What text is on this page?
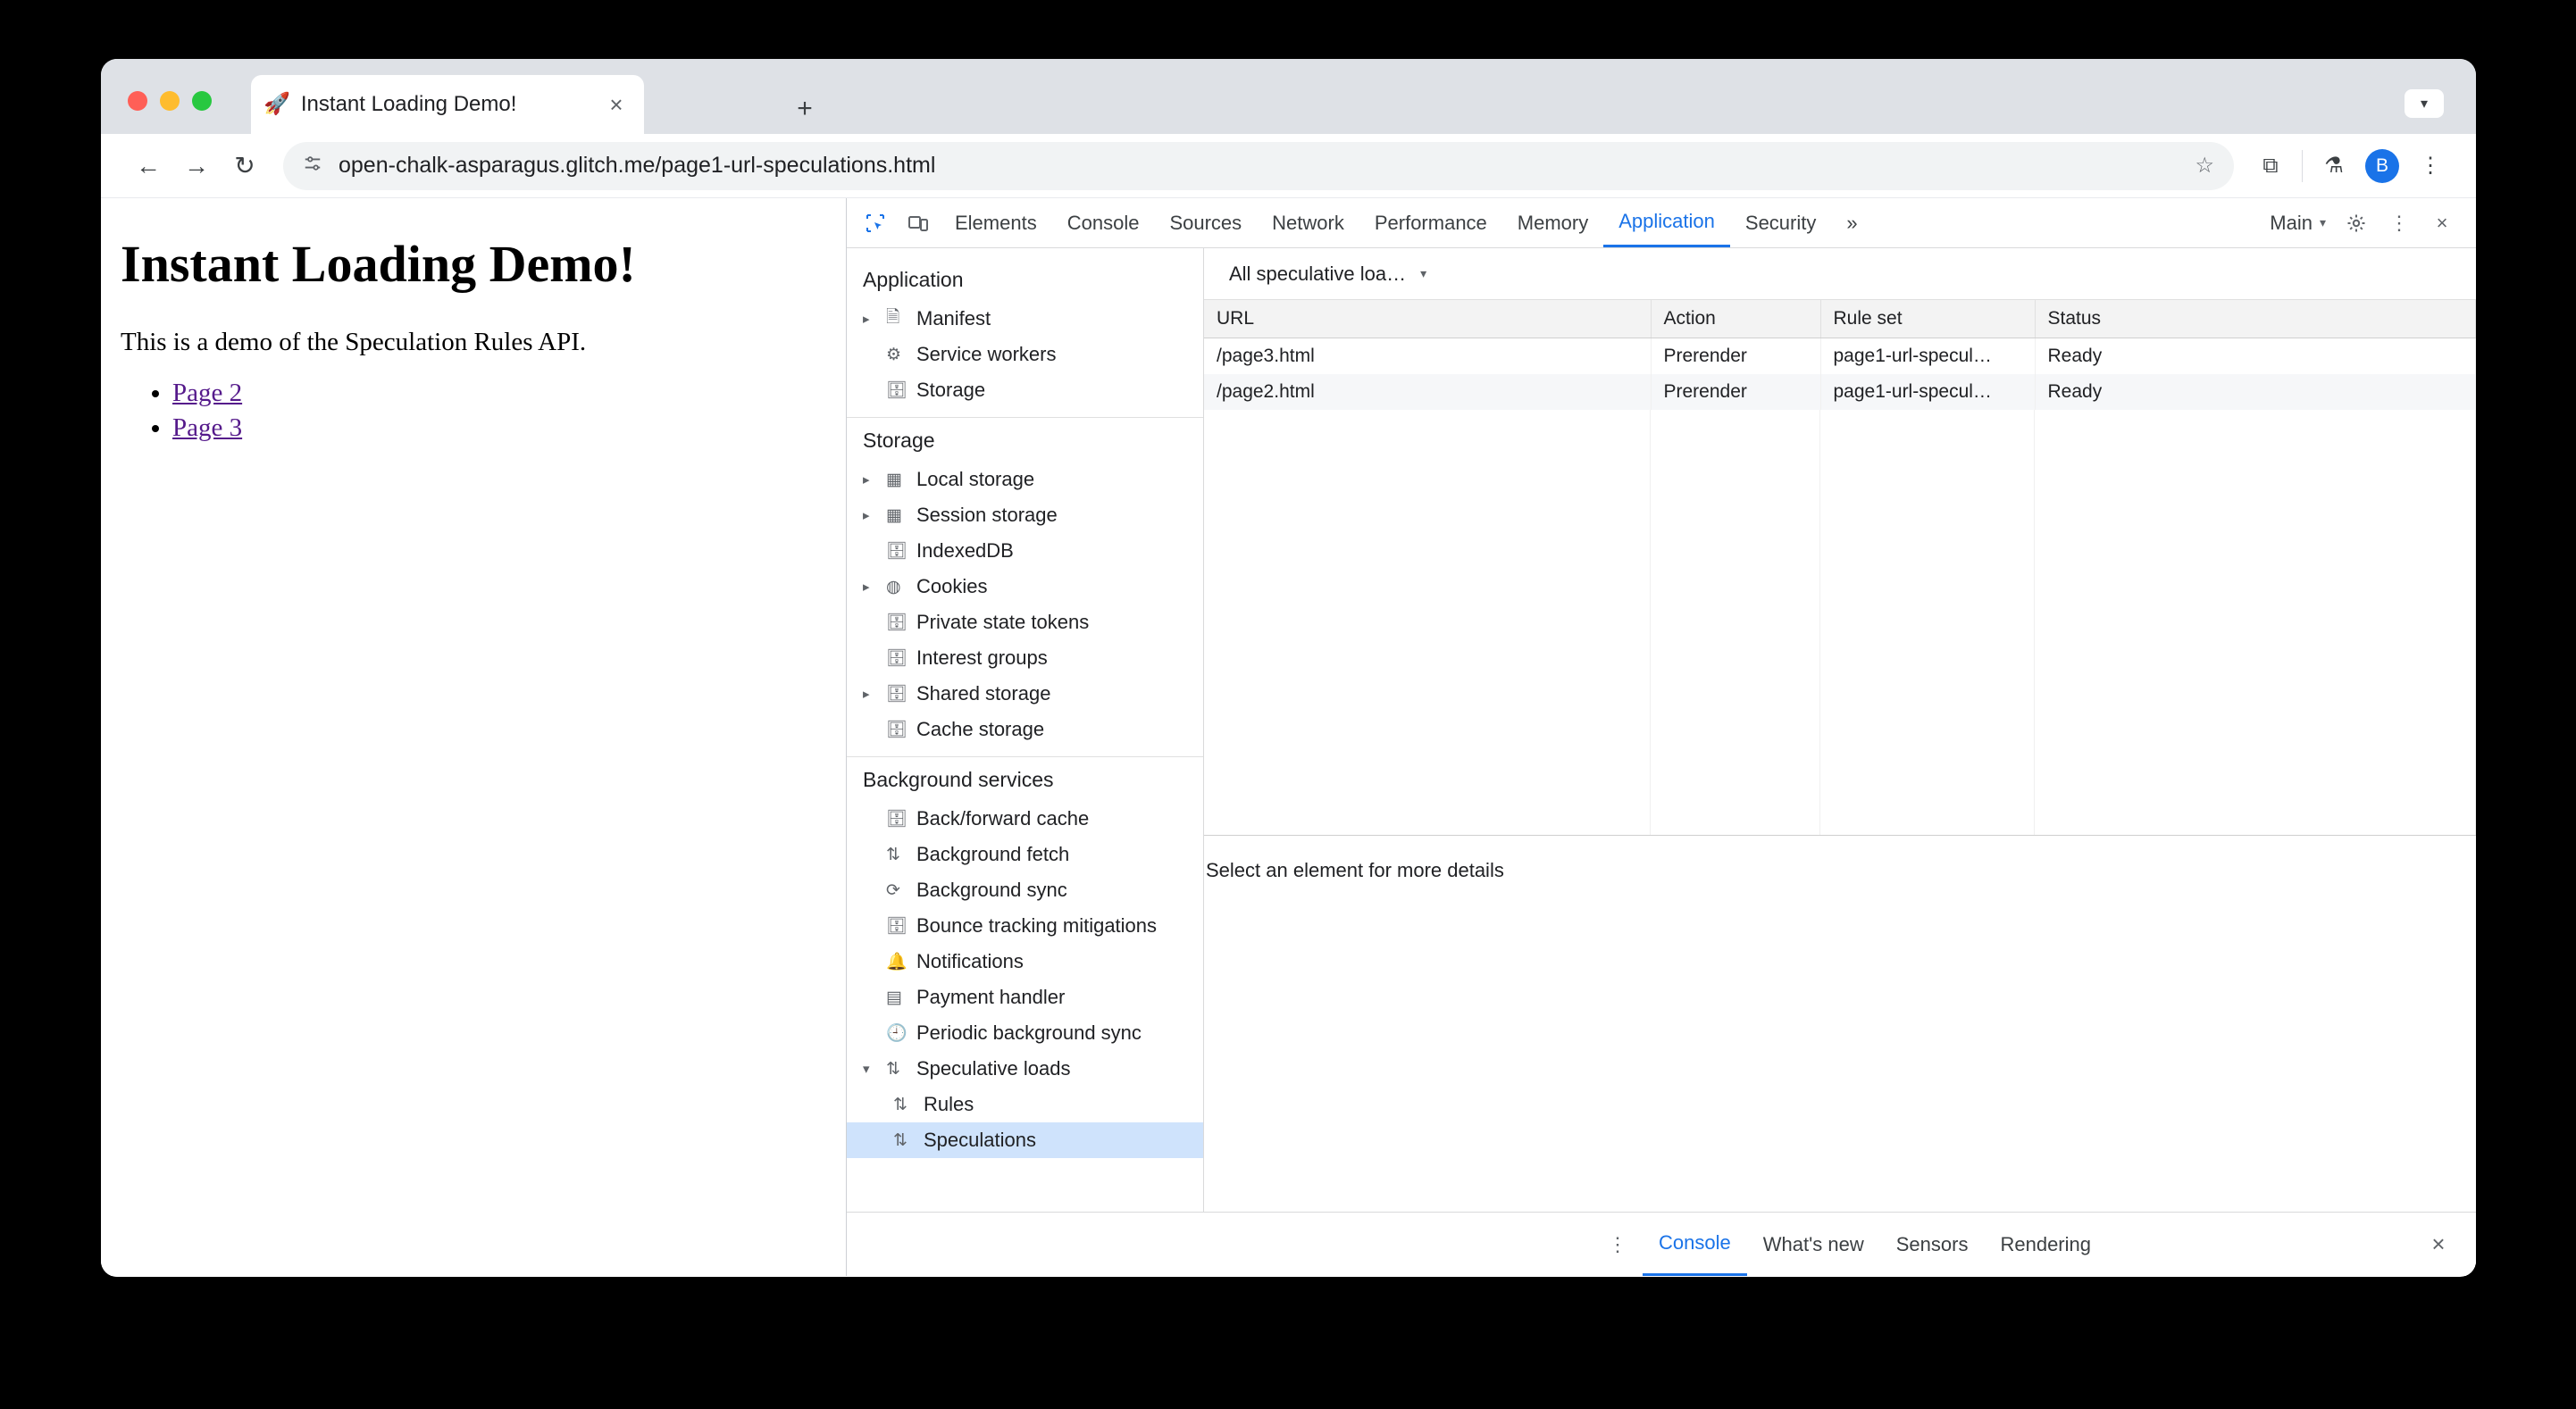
🚀 Instant Loading Demo!	×	+	▾
← →	↻	open-chalk-asparagus.glitch.me/page1-url-speculations.html	☆	⧉	⚗	B	⋮
Instant Loading Demo!

This is a demo of the Speculation Rules API.

• Page 2
• Page 3
Elements	Console	Sources	Network	Performance	Memory	Application	Security	»	Main ▾	⋮	×
Application
▸ 🗎 Manifest
⚙ Service workers
🗄 Storage
Storage
▸ ▦ Local storage
▸ ▦ Session storage
🗄 IndexedDB
▸ ◍ Cookies
🗄 Private state tokens
🗄 Interest groups
▸ 🗄 Shared storage
🗄 Cache storage
Background services
🗄 Back/forward cache
⇅ Background fetch
⟳ Background sync
🗄 Bounce tracking mitigations
🔔 Notifications
▤ Payment handler
🕘 Periodic background sync
▾ ⇅ Speculative loads
⇅ Rules
⇅ Speculations
All speculative loa… ▾
URL	Action	Rule set	Status
/page3.html	Prerender	page1-url-specul…	Ready
/page2.html	Prerender	page1-url-specul…	Ready
Select an element for more details
⋮	Console	What's new	Sensors	Rendering	×
